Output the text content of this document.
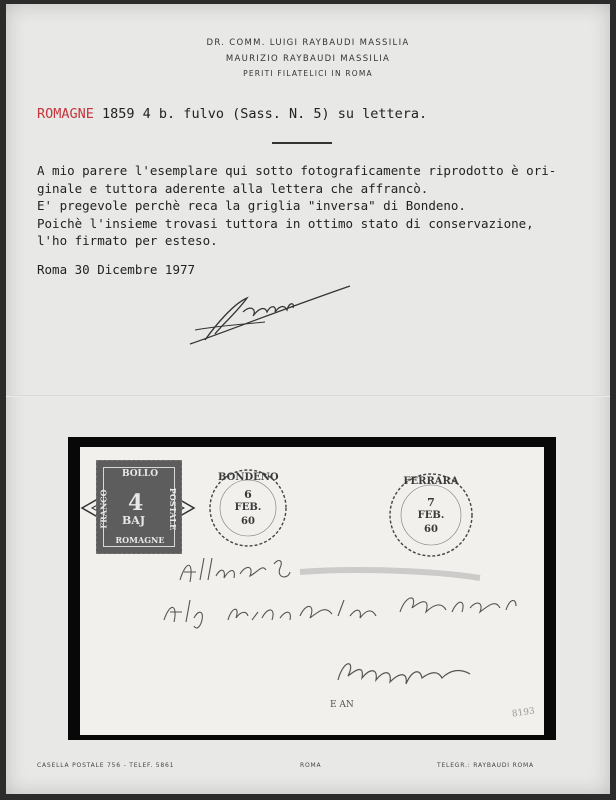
DR. COMM. LUIGI RAYBAUDI MASSILIA
MAURIZIO RAYBAUDI MASSILIA
PERITI FILATELICI IN ROMA
ROMAGNE 1859 4 b. fulvo (Sass. N. 5) su lettera.
A mio parere l'esemplare qui sotto fotograficamente riprodotto è ori-
ginale e tuttora aderente alla lettera che affrancò.
E' pregevole perchè reca la griglia "inversa" di Bondeno.
Poichè l'insieme trovasi tuttora in ottimo stato di conservazione,
l'ho firmato per esteso.
Roma 30 Dicembre 1977
BOLLO
FRANCO	POSTALE
4
BAJ
ROMAGNE
BONDENO
6
FEB.
60
FERRARA
7
FEB.
60
E AN
8193
CASELLA POSTALE 756 - TELEF. 5861	ROMA	TELEGR.: RAYBAUDI ROMA
